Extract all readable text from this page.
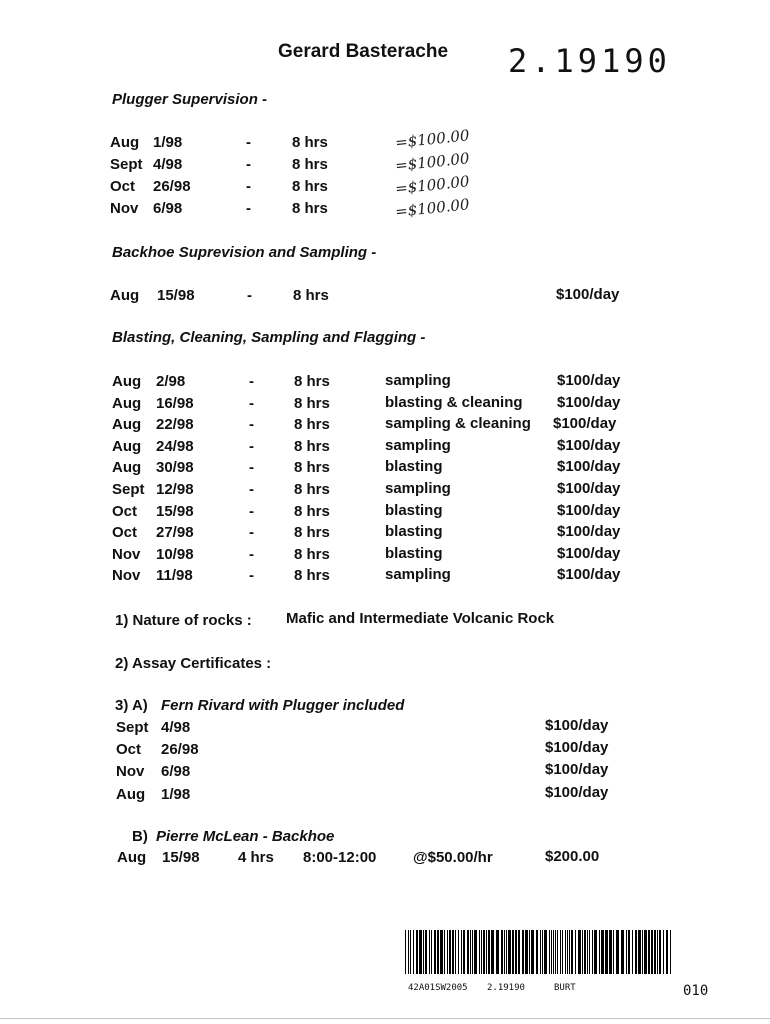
Gerard Basterache 2.19190
Plugger Supervision -
Aug 1/98	-	8 hrs	=$100.00
Sept 4/98	-	8 hrs	=$100.00
Oct 26/98	-	8 hrs	=$100.00
Nov 6/98	-	8 hrs	=$100.00
Backhoe Suprevision and Sampling -
Aug 15/98	-	8 hrs	$100/day
Blasting, Cleaning, Sampling and Flagging -
Aug 2/98	-	8 hrs	sampling	$100/day
Aug 16/98	-	8 hrs	blasting & cleaning $100/day
Aug 22/98	-	8 hrs	sampling & cleaning $100/day
Aug 24/98	-	8 hrs	sampling	$100/day
Aug 30/98	-	8 hrs	blasting	$100/day
Sept 12/98	-	8 hrs	sampling	$100/day
Oct 15/98	-	8 hrs	blasting	$100/day
Oct 27/98	-	8 hrs	blasting	$100/day
Nov 10/98	-	8 hrs	blasting	$100/day
Nov 11/98	-	8 hrs	sampling	$100/day
1) Nature of rocks : Mafic and Intermediate Volcanic Rock
2) Assay Certificates :
3) A) Fern Rivard with Plugger included
Sept 4/98	$100/day
Oct 26/98	$100/day
Nov 6/98	$100/day
Aug 1/98	$100/day
B) Pierre McLean - Backhoe
Aug 15/98	4 hrs 8:00-12:00 @$50.00/hr	$200.00
42A01SW2005 2.19190	BURT	010
